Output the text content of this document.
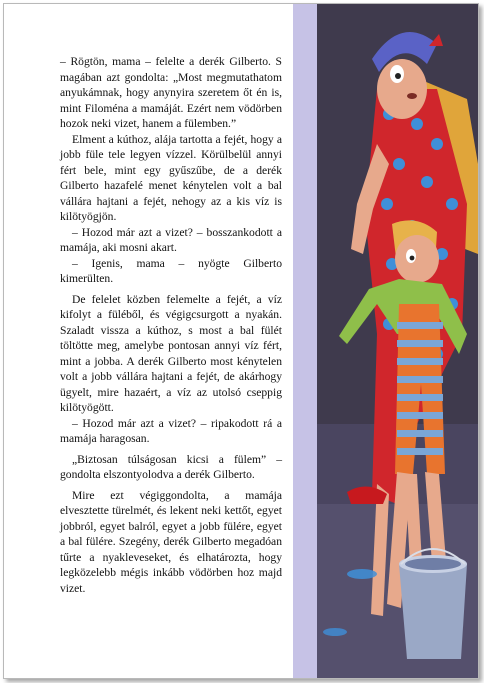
– Rögtön, mama – felelte a derék Gilberto. S magában azt gondolta: „Most megmutathatom anyukámnak, hogy anynyira szeretem őt én is, mint Filoména a mamáját. Ezért nem vödörben hozok neki vizet, hanem a fülemben.”

Elment a kúthoz, alája tartotta a fejét, hogy a jobb füle tele legyen vízzel. Körülbelül annyi fért bele, mint egy gyűszűbe, de a derék Gilberto hazafelé menet kénytelen volt a bal vállára hajtani a fejét, nehogy az a kis víz is kilötyögjön.

– Hozod már azt a vizet? – bosszankodott a mamája, aki mosni akart.

– Igenis, mama – nyögte Gilberto kimerülten.

De felelet közben felemelte a fejét, a víz kifolyt a füléből, és végigcsurgott a nyakán. Szaladt vissza a kúthoz, s most a bal fülét töltötte meg, amelybe pontosan annyi víz fért, mint a jobba. A derék Gilberto most kénytelen volt a jobb vállára hajtani a fejét, de akárhogy ügyelt, mire hazaért, a víz az utolsó cseppig kilötyögött.

– Hozod már azt a vizet? – ripakodott rá a mamája haragosan.

„Biztosan túlságosan kicsi a fülem” – gondolta elszontyolodva a derék Gilberto.

Mire ezt végiggondolta, a mamája elvesztette türelmét, és lekent neki kettőt, egyet jobbról, egyet balról, egyet a jobb fülére, egyet a bal fülére. Szegény, derék Gilberto megadóan tűrte a nyakleveseket, és elhatározta, hogy legközelebb mégis inkább vödörben hoz majd vizet.
